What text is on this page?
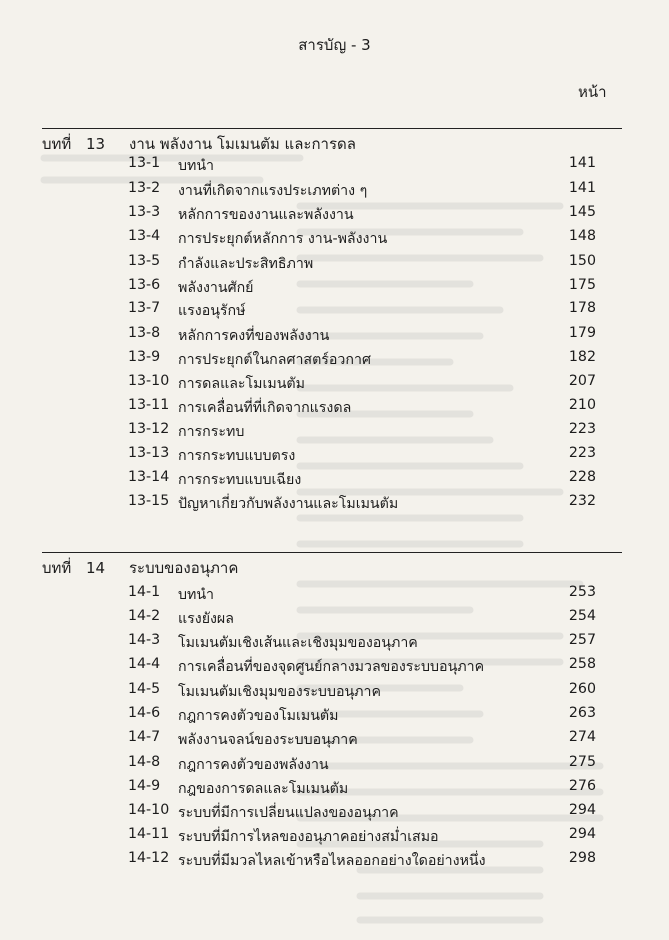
สารบัญ - 3
หน้า
บทที่ 13 งาน พลังงาน โมเมนตัม และการดล
13-1 บทนำ	141
13-2 งานที่เกิดจากแรงประเภทต่าง ๆ	141
13-3 หลักการของงานและพลังงาน	145
13-4 การประยุกต์หลักการ งาน-พลังงาน	148
13-5 กำลังและประสิทธิภาพ	150
13-6 พลังงานศักย์	175
13-7 แรงอนุรักษ์	178
13-8 หลักการคงที่ของพลังงาน	179
13-9 การประยุกต์ในกลศาสตร์อวกาศ	182
13-10 การดลและโมเมนตัม	207
13-11 การเคลื่อนที่ที่เกิดจากแรงดล	210
13-12 การกระทบ	223
13-13 การกระทบแบบตรง	223
13-14 การกระทบแบบเฉียง	228
13-15 ปัญหาเกี่ยวกับพลังงานและโมเมนตัม	232
บทที่ 14 ระบบของอนุภาค
14-1 บทนำ	253
14-2 แรงยังผล	254
14-3 โมเมนตัมเชิงเส้นและเชิงมุมของอนุภาค	257
14-4 การเคลื่อนที่ของจุดศูนย์กลางมวลของระบบอนุภาค	258
14-5 โมเมนตัมเชิงมุมของระบบอนุภาค	260
14-6 กฎการคงตัวของโมเมนตัม	263
14-7 พลังงานจลน์ของระบบอนุภาค	274
14-8 กฎการคงตัวของพลังงาน	275
14-9 กฎของการดลและโมเมนตัม	276
14-10 ระบบที่มีการเปลี่ยนแปลงของอนุภาค	294
14-11 ระบบที่มีการไหลของอนุภาคอย่างสม่ำเสมอ	294
14-12 ระบบที่มีมวลไหลเข้าหรือไหลออกอย่างใดอย่างหนึ่ง	298
